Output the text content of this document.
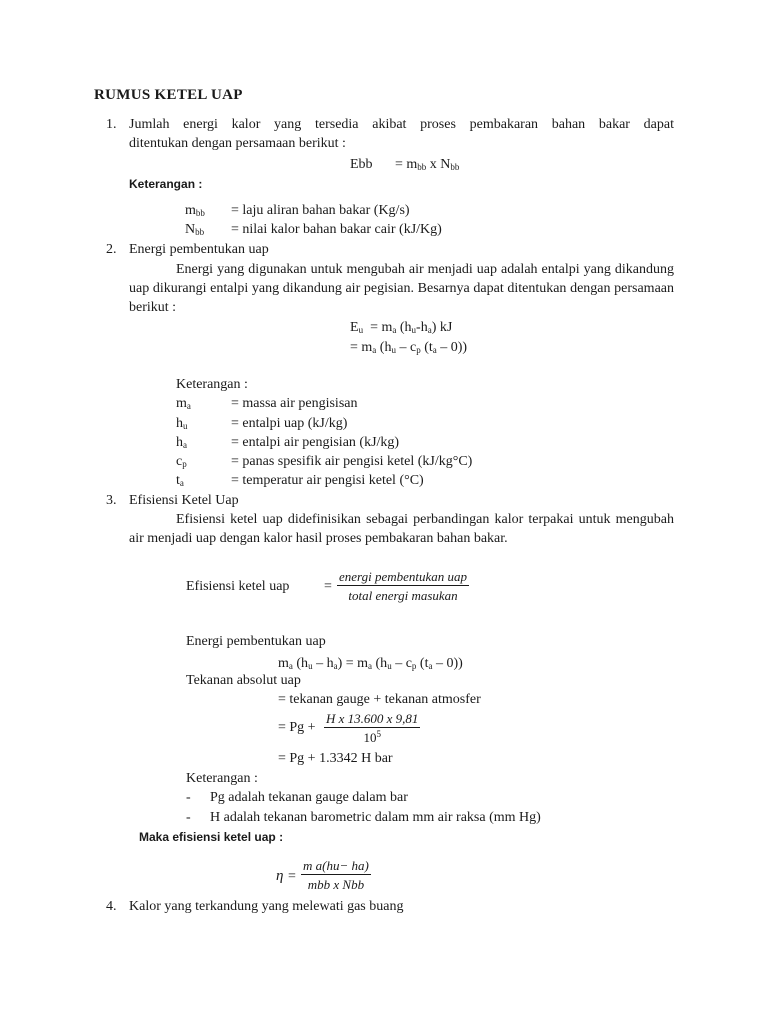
RUMUS KETEL UAP
1. Jumlah energi kalor yang tersedia akibat proses pembakaran bahan bakar dapat
ditentukan dengan persamaan berikut :
Ebb = $m_{bb}$ x $N_{bb}$
Keterangan :
$m_{bb}$ = laju aliran bahan bakar (Kg/s)
$N_{bb}$ = nilai kalor bahan bakar cair (kJ/Kg)
2. Energi pembentukan uap
Energi yang digunakan untuk mengubah air menjadi uap adalah entalpi yang dikandung uap dikurangi entalpi yang dikandung air pegisian. Besarnya dapat ditentukan dengan persamaan berikut :
$E_u = m_a$ $(h_u-h_a)$ kJ
= $m_a$ ($h_u - c_p$ $(t_a - 0)$)
Keterangan :
$m_a$	= massa air pengisisan
$h_u$	= entalpi uap (kJ/kg)
$h_a$	= entalpi air pengisian (kJ/kg)
$c_p$	= panas spesifik air pengisi ketel (kJ/kg°C)
$t_a$	= temperatur air pengisi ketel (°C)
3. Efisiensi Ketel Uap
Efisiensi ketel uap didefinisikan sebagai perbandingan kalor terpakai untuk mengubah air menjadi uap dengan kalor hasil proses pembakaran bahan bakar.
Efisiensi ketel uap =
energi pembentukan uap
total energi masukan
Energi pembentukan uap
$m_a$ $(h_u - h_a) = m_a$ ($h_u - c_p$ $(t_a - 0)$)
Tekanan absolut uap
= tekanan gauge + tekanan atmosfer
= $Pg + \frac{\text{H x 13.600 x 9,81}}{10^5}$
= Pg + 1.3342 H bar
Keterangan :
- Pg adalah tekanan gauge dalam bar
- H adalah tekanan barometric dalam mm air raksa (mm Hg)
Maka efisiensi ketel uap :
η =
m a(hu− ha)
mbb x Nbb
4. Kalor yang terkandung yang melewati gas buang
